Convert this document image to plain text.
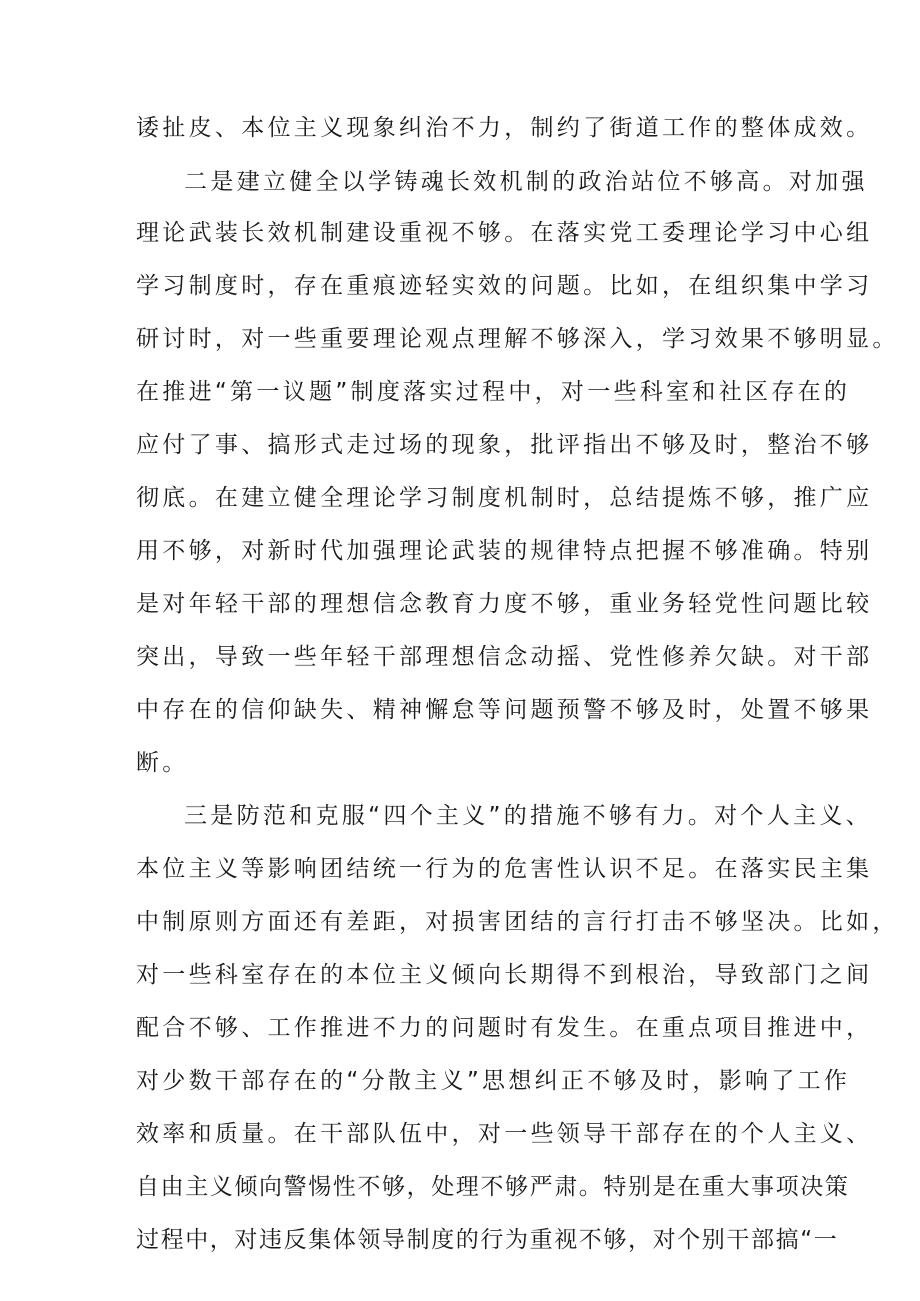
诿扯皮、本位主义现象纠治不力，制约了街道工作的整体成效。
二是建立健全以学铸魂长效机制的政治站位不够高。对加强
理论武装长效机制建设重视不够。在落实党工委理论学习中心组
学习制度时，存在重痕迹轻实效的问题。比如，在组织集中学习
研讨时，对一些重要理论观点理解不够深入，学习效果不够明显。
在推进“第一议题”制度落实过程中，对一些科室和社区存在的
应付了事、搞形式走过场的现象，批评指出不够及时，整治不够
彻底。在建立健全理论学习制度机制时，总结提炼不够，推广应
用不够，对新时代加强理论武装的规律特点把握不够准确。特别
是对年轻干部的理想信念教育力度不够，重业务轻党性问题比较
突出，导致一些年轻干部理想信念动摇、党性修养欠缺。对干部
中存在的信仰缺失、精神懈怠等问题预警不够及时，处置不够果
断。
三是防范和克服“四个主义”的措施不够有力。对个人主义、
本位主义等影响团结统一行为的危害性认识不足。在落实民主集
中制原则方面还有差距，对损害团结的言行打击不够坚决。比如，
对一些科室存在的本位主义倾向长期得不到根治，导致部门之间
配合不够、工作推进不力的问题时有发生。在重点项目推进中，
对少数干部存在的“分散主义”思想纠正不够及时，影响了工作
效率和质量。在干部队伍中，对一些领导干部存在的个人主义、
自由主义倾向警惕性不够，处理不够严肃。特别是在重大事项决策
过程中，对违反集体领导制度的行为重视不够，对个别干部搞“一
